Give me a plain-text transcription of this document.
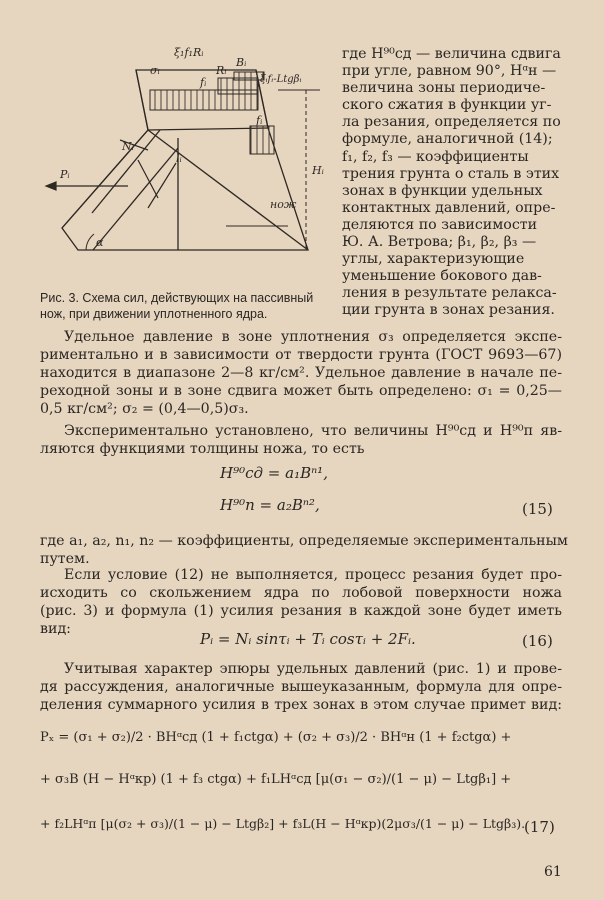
ξ₁f₁Rᵢ
σᵢ	Rᵢ
Bᵢ
ξᵢfᵢ-Ltgβᵢ
fᵢ
lᵢ
Nᵢ
Pᵢ
fᵢ
Hᵢ
нож
α
Рис. 3. Схема сил, действующих на пассивный нож, при движении уплотненного ядра.

где H⁹⁰сд — величина сдвига
при угле, равном 90°, Hᵅн —
величина зоны периодиче-
ского сжатия в функции уг-
ла резания, определяется по
формуле, аналогичной (14);
f₁, f₂, f₃ — коэффициенты
трения грунта о сталь в этих
зонах в функции удельных
контактных давлений, опре-
деляются по зависимости
Ю. А. Ветрова; β₁, β₂, β₃ —
углы, характеризующие
уменьшение бокового дав-
ления в результате релакса-
ции грунта в зонах резания.

Удельное давление в зоне уплотнения σ₃ определяется экспе-
риментально и в зависимости от твердости грунта (ГОСТ 9693—67)
находится в диапазоне 2—8 кг/см². Удельное давление в начале пе-
реходной зоны и в зоне сдвига может быть определено: σ₁ = 0,25—
0,5 кг/см²; σ₂ = (0,4—0,5)σ₃.

Экспериментально установлено, что величины H⁹⁰сд и H⁹⁰п яв-
ляются функциями толщины ножа, то есть

H⁹⁰сд = a₁Bⁿ¹,
H⁹⁰п = a₂Bⁿ²,	(15)

где a₁, a₂, n₁, n₂ — коэффициенты, определяемые экспериментальным
путем.

Если условие (12) не выполняется, процесс резания будет про-
исходить со скольжением ядра по лобовой поверхности ножа
(рис. 3) и формула (1) усилия резания в каждой зоне будет иметь
вид:

Pᵢ = Nᵢ sinτᵢ + Tᵢ cosτᵢ + 2Fᵢ.	(16)

Учитывая характер эпюры удельных давлений (рис. 1) и прове-
дя рассуждения, аналогичные вышеуказанным, формула для опре-
деления суммарного усилия в трех зонах в этом случае примет вид:

Pₓ = (σ₁ + σ₂)/2 · BHᵅсд (1 + f₁ctgα) + (σ₂ + σ₃)/2 · BHᵅн (1 + f₂ctgα) +
+ σ₃B (H − Hᵅкр) (1 + f₃ ctgα) + f₁LHᵅсд [μ(σ₁ − σ₂)/(1 − μ) − Ltgβ₁] +
+ f₂LHᵅп [μ(σ₂ + σ₃)/(1 − μ) − Ltgβ₂] + f₃L(H − Hᵅкр)(2μσ₃/(1 − μ) − Ltgβ₃).
(17)
61
